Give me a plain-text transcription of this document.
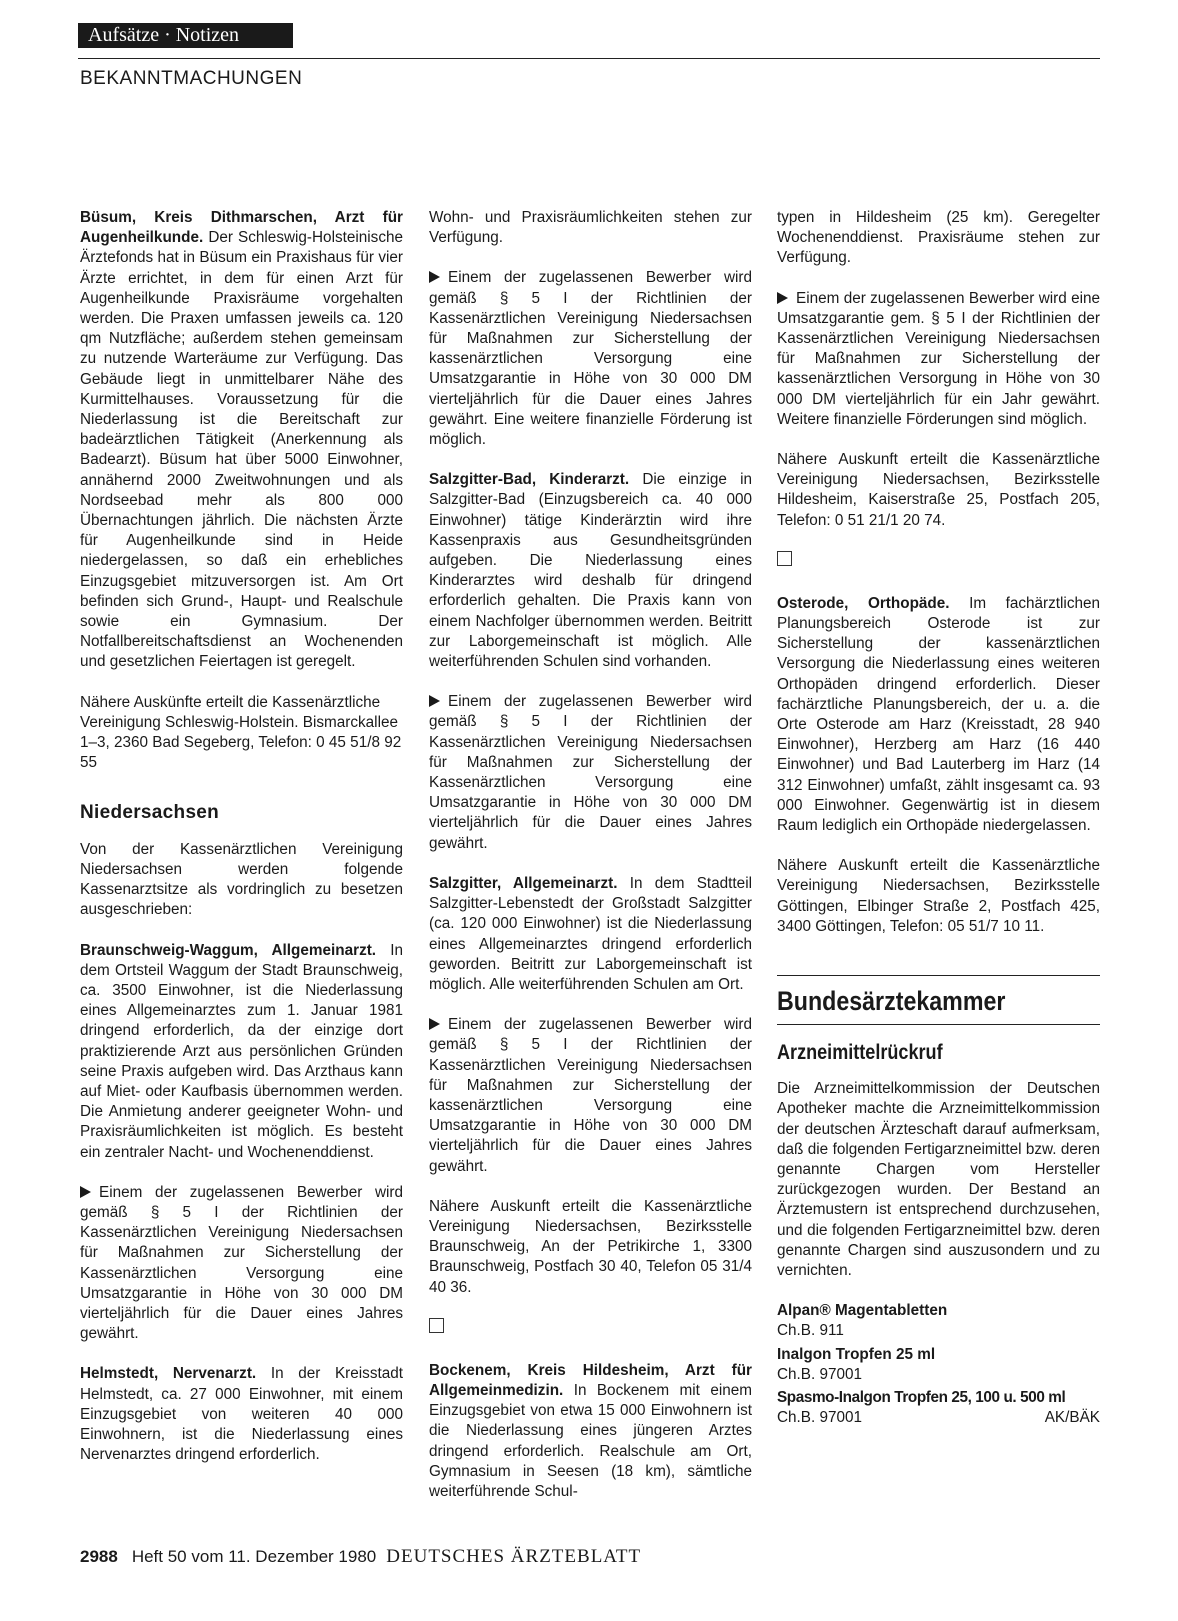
Aufsätze · Notizen
BEKANNTMACHUNGEN

Büsum, Kreis Dithmarschen, Arzt für Augenheilkunde. Der Schleswig-Holsteinische Ärztefonds hat in Büsum ein Praxishaus für vier Ärzte errichtet, in dem für einen Arzt für Augenheilkunde Praxisräume vorgehalten werden. Die Praxen umfassen jeweils ca. 120 qm Nutzfläche; außerdem stehen gemeinsam zu nutzende Warteräume zur Verfügung. Das Gebäude liegt in unmittelbarer Nähe des Kurmittelhauses. Voraussetzung für die Niederlassung ist die Bereitschaft zur badeärztlichen Tätigkeit (Anerkennung als Badearzt). Büsum hat über 5000 Einwohner, annähernd 2000 Zweitwohnungen und als Nordseebad mehr als 800 000 Übernachtungen jährlich. Die nächsten Ärzte für Augenheilkunde sind in Heide niedergelassen, so daß ein erhebliches Einzugsgebiet mitzuversorgen ist. Am Ort befinden sich Grund-, Haupt- und Realschule sowie ein Gymnasium. Der Notfallbereitschaftsdienst an Wochenenden und gesetzlichen Feiertagen ist geregelt.

Nähere Auskünfte erteilt die Kassenärztliche Vereinigung Schleswig-Holstein. Bismarckallee 1–3, 2360 Bad Segeberg, Telefon: 0 45 51/8 92 55

Niedersachsen

Von der Kassenärztlichen Vereinigung Niedersachsen werden folgende Kassenarztsitze als vordringlich zu besetzen ausgeschrieben:

Braunschweig-Waggum, Allgemeinarzt. In dem Ortsteil Waggum der Stadt Braunschweig, ca. 3500 Einwohner, ist die Niederlassung eines Allgemeinarztes zum 1. Januar 1981 dringend erforderlich, da der einzige dort praktizierende Arzt aus persönlichen Gründen seine Praxis aufgeben wird. Das Arzthaus kann auf Miet- oder Kaufbasis übernommen werden. Die Anmietung anderer geeigneter Wohn- und Praxisräumlichkeiten ist möglich. Es besteht ein zentraler Nacht- und Wochenenddienst.

Einem der zugelassenen Bewerber wird gemäß § 5 I der Richtlinien der Kassenärztlichen Vereinigung Niedersachsen für Maßnahmen zur Sicherstellung der Kassenärztlichen Versorgung eine Umsatzgarantie in Höhe von 30 000 DM vierteljährlich für die Dauer eines Jahres gewährt.

Helmstedt, Nervenarzt. In der Kreisstadt Helmstedt, ca. 27 000 Einwohner, mit einem Einzugsgebiet von weiteren 40 000 Einwohnern, ist die Niederlassung eines Nervenarztes dringend erforderlich.

Wohn- und Praxisräumlichkeiten stehen zur Verfügung.

Einem der zugelassenen Bewerber wird gemäß § 5 I der Richtlinien der Kassenärztlichen Vereinigung Niedersachsen für Maßnahmen zur Sicherstellung der kassenärztlichen Versorgung eine Umsatzgarantie in Höhe von 30 000 DM vierteljährlich für die Dauer eines Jahres gewährt. Eine weitere finanzielle Förderung ist möglich.

Salzgitter-Bad, Kinderarzt. Die einzige in Salzgitter-Bad (Einzugsbereich ca. 40 000 Einwohner) tätige Kinderärztin wird ihre Kassenpraxis aus Gesundheitsgründen aufgeben. Die Niederlassung eines Kinderarztes wird deshalb für dringend erforderlich gehalten. Die Praxis kann von einem Nachfolger übernommen werden. Beitritt zur Laborgemeinschaft ist möglich. Alle weiterführenden Schulen sind vorhanden.

Einem der zugelassenen Bewerber wird gemäß § 5 I der Richtlinien der Kassenärztlichen Vereinigung Niedersachsen für Maßnahmen zur Sicherstellung der Kassenärztlichen Versorgung eine Umsatzgarantie in Höhe von 30 000 DM vierteljährlich für die Dauer eines Jahres gewährt.

Salzgitter, Allgemeinarzt. In dem Stadtteil Salzgitter-Lebenstedt der Großstadt Salzgitter (ca. 120 000 Einwohner) ist die Niederlassung eines Allgemeinarztes dringend erforderlich geworden. Beitritt zur Laborgemeinschaft ist möglich. Alle weiterführenden Schulen am Ort.

Einem der zugelassenen Bewerber wird gemäß § 5 I der Richtlinien der Kassenärztlichen Vereinigung Niedersachsen für Maßnahmen zur Sicherstellung der kassenärztlichen Versorgung eine Umsatzgarantie in Höhe von 30 000 DM vierteljährlich für die Dauer eines Jahres gewährt.

Nähere Auskunft erteilt die Kassenärztliche Vereinigung Niedersachsen, Bezirksstelle Braunschweig, An der Petrikirche 1, 3300 Braunschweig, Postfach 30 40, Telefon 05 31/4 40 36.

Bockenem, Kreis Hildesheim, Arzt für Allgemeinmedizin. In Bockenem mit einem Einzugsgebiet von etwa 15 000 Einwohnern ist die Niederlassung eines jüngeren Arztes dringend erforderlich. Realschule am Ort, Gymnasium in Seesen (18 km), sämtliche weiterführende Schul-

typen in Hildesheim (25 km). Geregelter Wochenenddienst. Praxisräume stehen zur Verfügung.

Einem der zugelassenen Bewerber wird eine Umsatzgarantie gem. § 5 I der Richtlinien der Kassenärztlichen Vereinigung Niedersachsen für Maßnahmen zur Sicherstellung der kassenärztlichen Versorgung in Höhe von 30 000 DM vierteljährlich für ein Jahr gewährt. Weitere finanzielle Förderungen sind möglich.

Nähere Auskunft erteilt die Kassenärztliche Vereinigung Niedersachsen, Bezirksstelle Hildesheim, Kaiserstraße 25, Postfach 205, Telefon: 0 51 21/1 20 74.

Osterode, Orthopäde. Im fachärztlichen Planungsbereich Osterode ist zur Sicherstellung der kassenärztlichen Versorgung die Niederlassung eines weiteren Orthopäden dringend erforderlich. Dieser fachärztliche Planungsbereich, der u. a. die Orte Osterode am Harz (Kreisstadt, 28 940 Einwohner), Herzberg am Harz (16 440 Einwohner) und Bad Lauterberg im Harz (14 312 Einwohner) umfaßt, zählt insgesamt ca. 93 000 Einwohner. Gegenwärtig ist in diesem Raum lediglich ein Orthopäde niedergelassen.

Nähere Auskunft erteilt die Kassenärztliche Vereinigung Niedersachsen, Bezirksstelle Göttingen, Elbinger Straße 2, Postfach 425, 3400 Göttingen, Telefon: 05 51/7 10 11.

Bundesärztekammer
Arzneimittelrückruf

Die Arzneimittelkommission der Deutschen Apotheker machte die Arzneimittelkommission der deutschen Ärzteschaft darauf aufmerksam, daß die folgenden Fertigarzneimittel bzw. deren genannte Chargen vom Hersteller zurückgezogen wurden. Der Bestand an Ärztemustern ist entsprechend durchzusehen, und die folgenden Fertigarzneimittel bzw. deren genannte Chargen sind auszusondern und zu vernichten.

Alpan® Magentabletten
Ch.B. 911
Inalgon Tropfen 25 ml
Ch.B. 97001
Spasmo-Inalgon Tropfen 25, 100 u. 500 ml
Ch.B. 97001	AK/BÄK
2988 Heft 50 vom 11. Dezember 1980 DEUTSCHES ÄRZTEBLATT
